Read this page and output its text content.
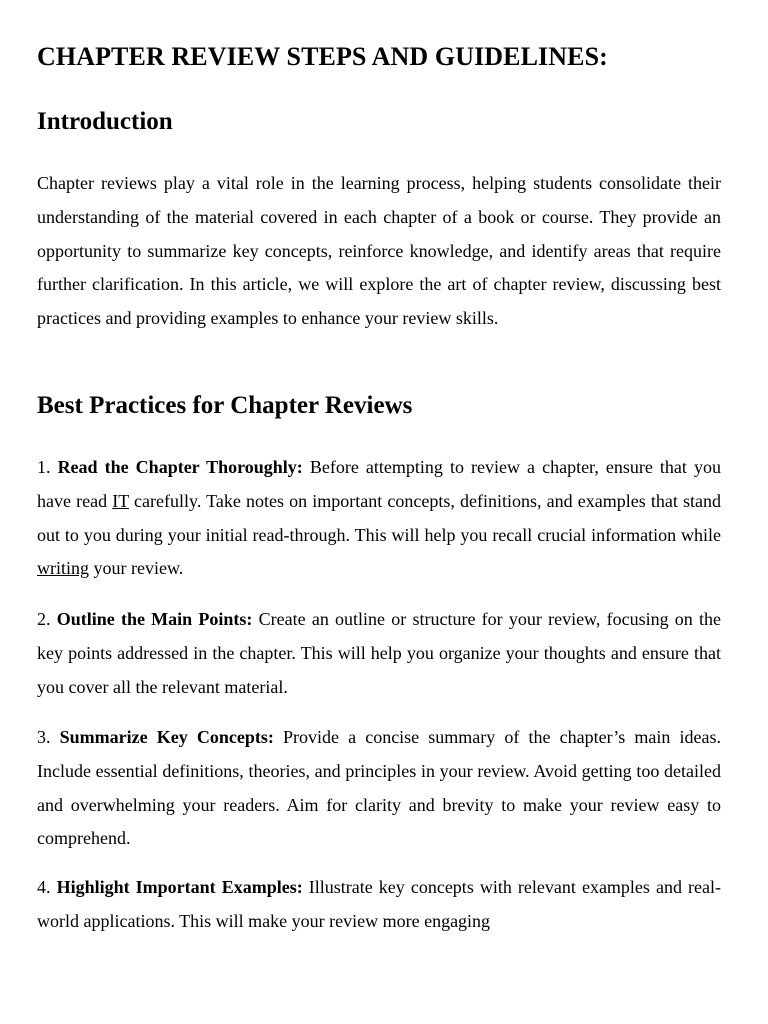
CHAPTER REVIEW STEPS AND GUIDELINES:
Introduction

Chapter reviews play a vital role in the learning process, helping students consolidate their understanding of the material covered in each chapter of a book or course. They provide an opportunity to summarize key concepts, reinforce knowledge, and identify areas that require further clarification. In this article, we will explore the art of chapter review, discussing best practices and providing examples to enhance your review skills.

Best Practices for Chapter Reviews

1. Read the Chapter Thoroughly: Before attempting to review a chapter, ensure that you have read IT carefully. Take notes on important concepts, definitions, and examples that stand out to you during your initial read-through. This will help you recall crucial information while writing your review.

2. Outline the Main Points: Create an outline or structure for your review, focusing on the key points addressed in the chapter. This will help you organize your thoughts and ensure that you cover all the relevant material.

3. Summarize Key Concepts: Provide a concise summary of the chapter’s main ideas. Include essential definitions, theories, and principles in your review. Avoid getting too detailed and overwhelming your readers. Aim for clarity and brevity to make your review easy to comprehend.

4. Highlight Important Examples: Illustrate key concepts with relevant examples and real-world applications. This will make your review more engaging
